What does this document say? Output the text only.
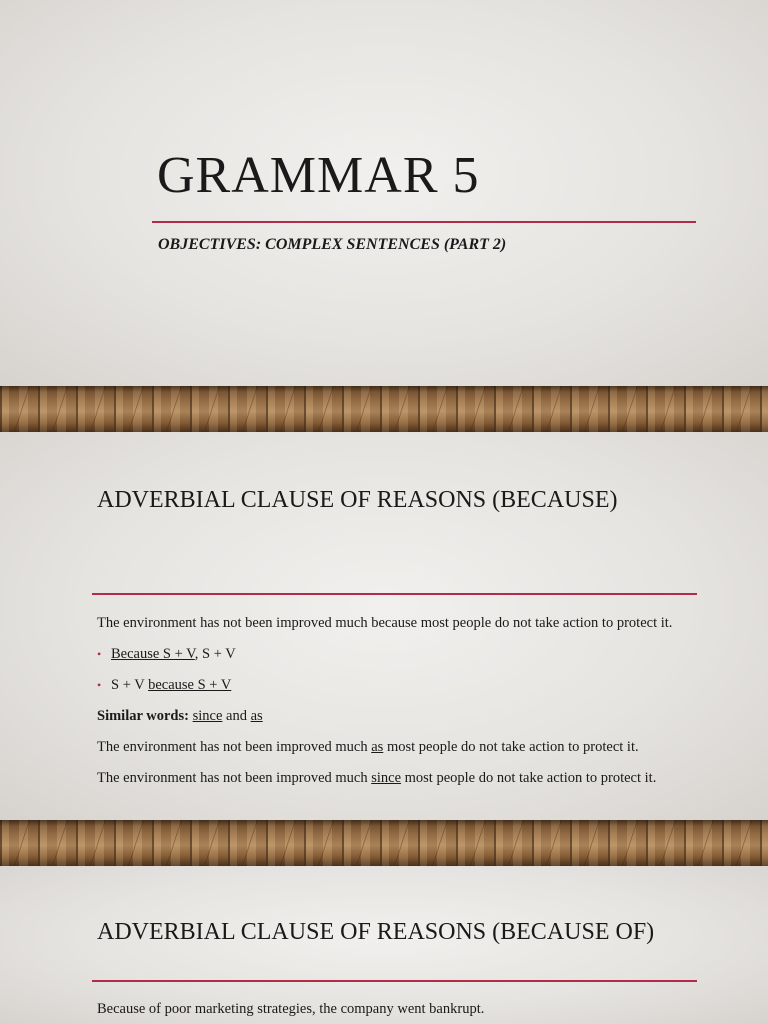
GRAMMAR 5

OBJECTIVES: COMPLEX SENTENCES (PART 2)

ADVERBIAL CLAUSE OF REASONS (BECAUSE)

The environment has not been improved much because most people do not take action to protect it.

• Because S + V, S + V
• S + V because S + V

Similar words: since and as

The environment has not been improved much as most people do not take action to protect it.

The environment has not been improved much since most people do not take action to protect it.

ADVERBIAL CLAUSE OF REASONS (BECAUSE OF)

Because of poor marketing strategies, the company went bankrupt.
